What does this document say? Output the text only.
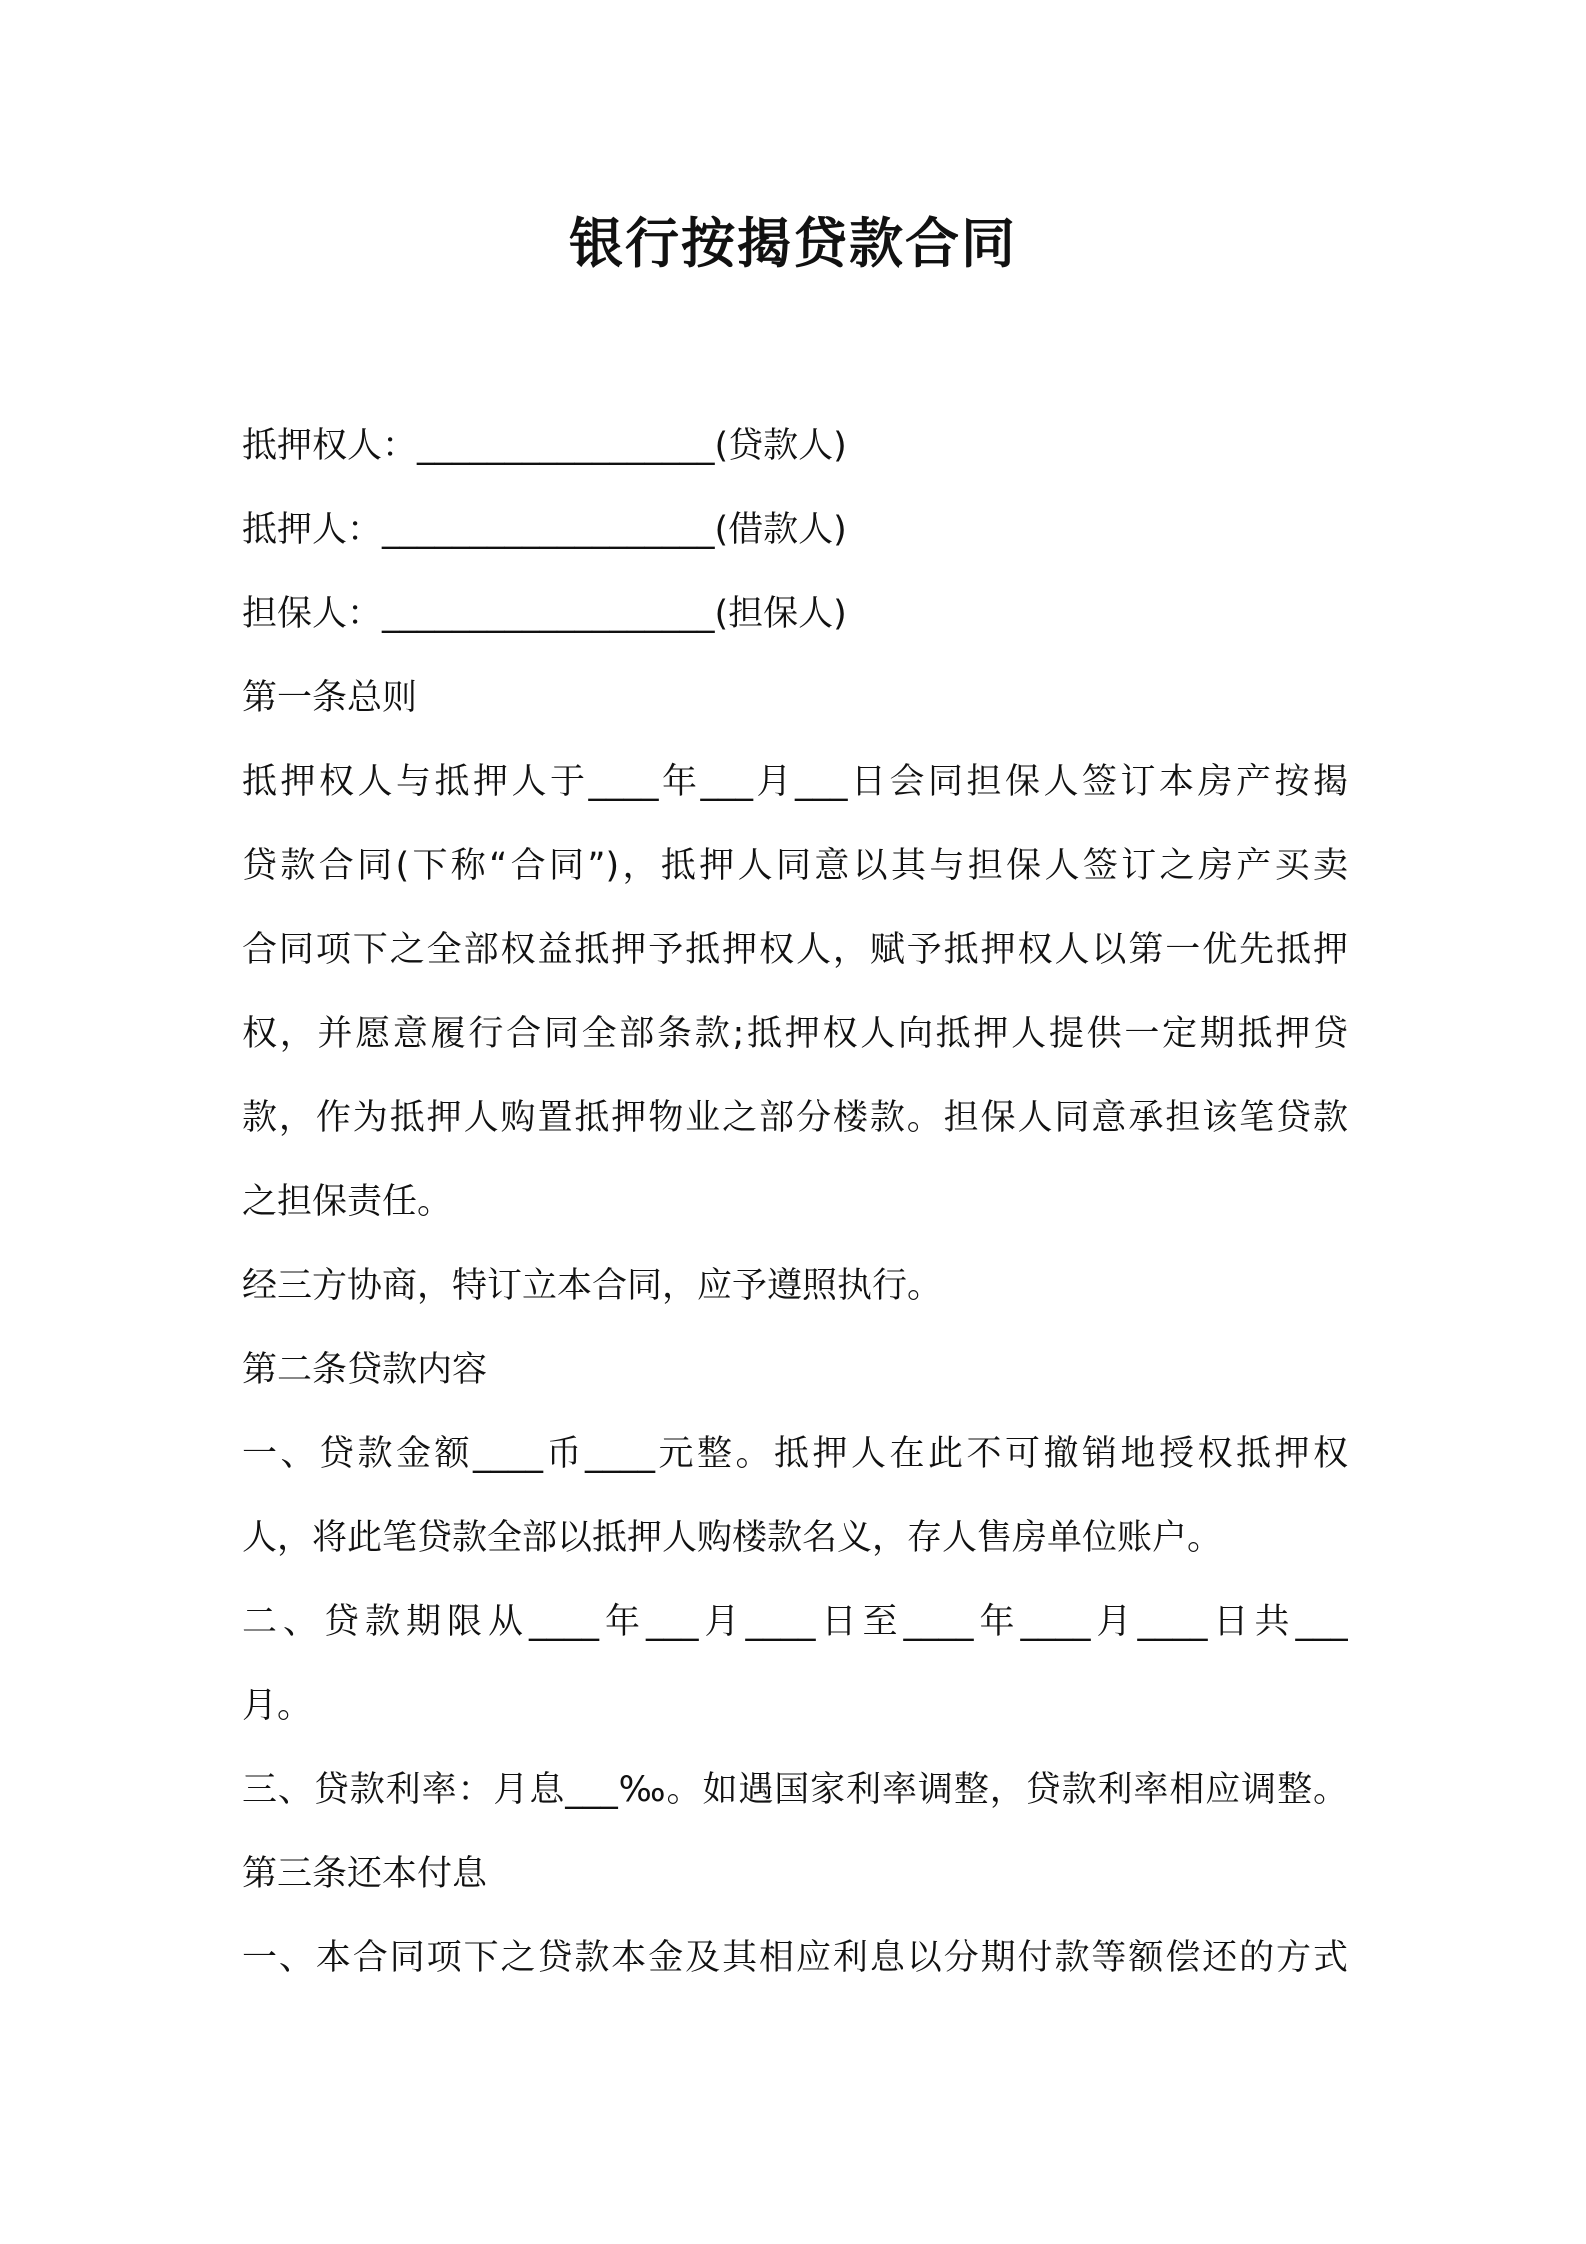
银行按揭贷款合同
抵押权人：_________________(贷款人)
抵押人：___________________(借款人)
担保人：___________________(担保人)
第一条总则
抵押权人与抵押人于____年___月___日会同担保人签订本房产按揭
贷款合同(下称“合同”)，抵押人同意以其与担保人签订之房产买卖
合同项下之全部权益抵押予抵押权人，赋予抵押权人以第一优先抵押
权，并愿意履行合同全部条款;抵押权人向抵押人提供一定期抵押贷
款，作为抵押人购置抵押物业之部分楼款。担保人同意承担该笔贷款
之担保责任。
经三方协商，特订立本合同，应予遵照执行。
第二条贷款内容
一、贷款金额____币____元整。抵押人在此不可撤销地授权抵押权
人，将此笔贷款全部以抵押人购楼款名义，存人售房单位账户。
二、贷款期限从____年___月____日至____年____月____日共___
月。
三、贷款利率：月息___‰。如遇国家利率调整，贷款利率相应调整。
第三条还本付息
一、本合同项下之贷款本金及其相应利息以分期付款等额偿还的方式
